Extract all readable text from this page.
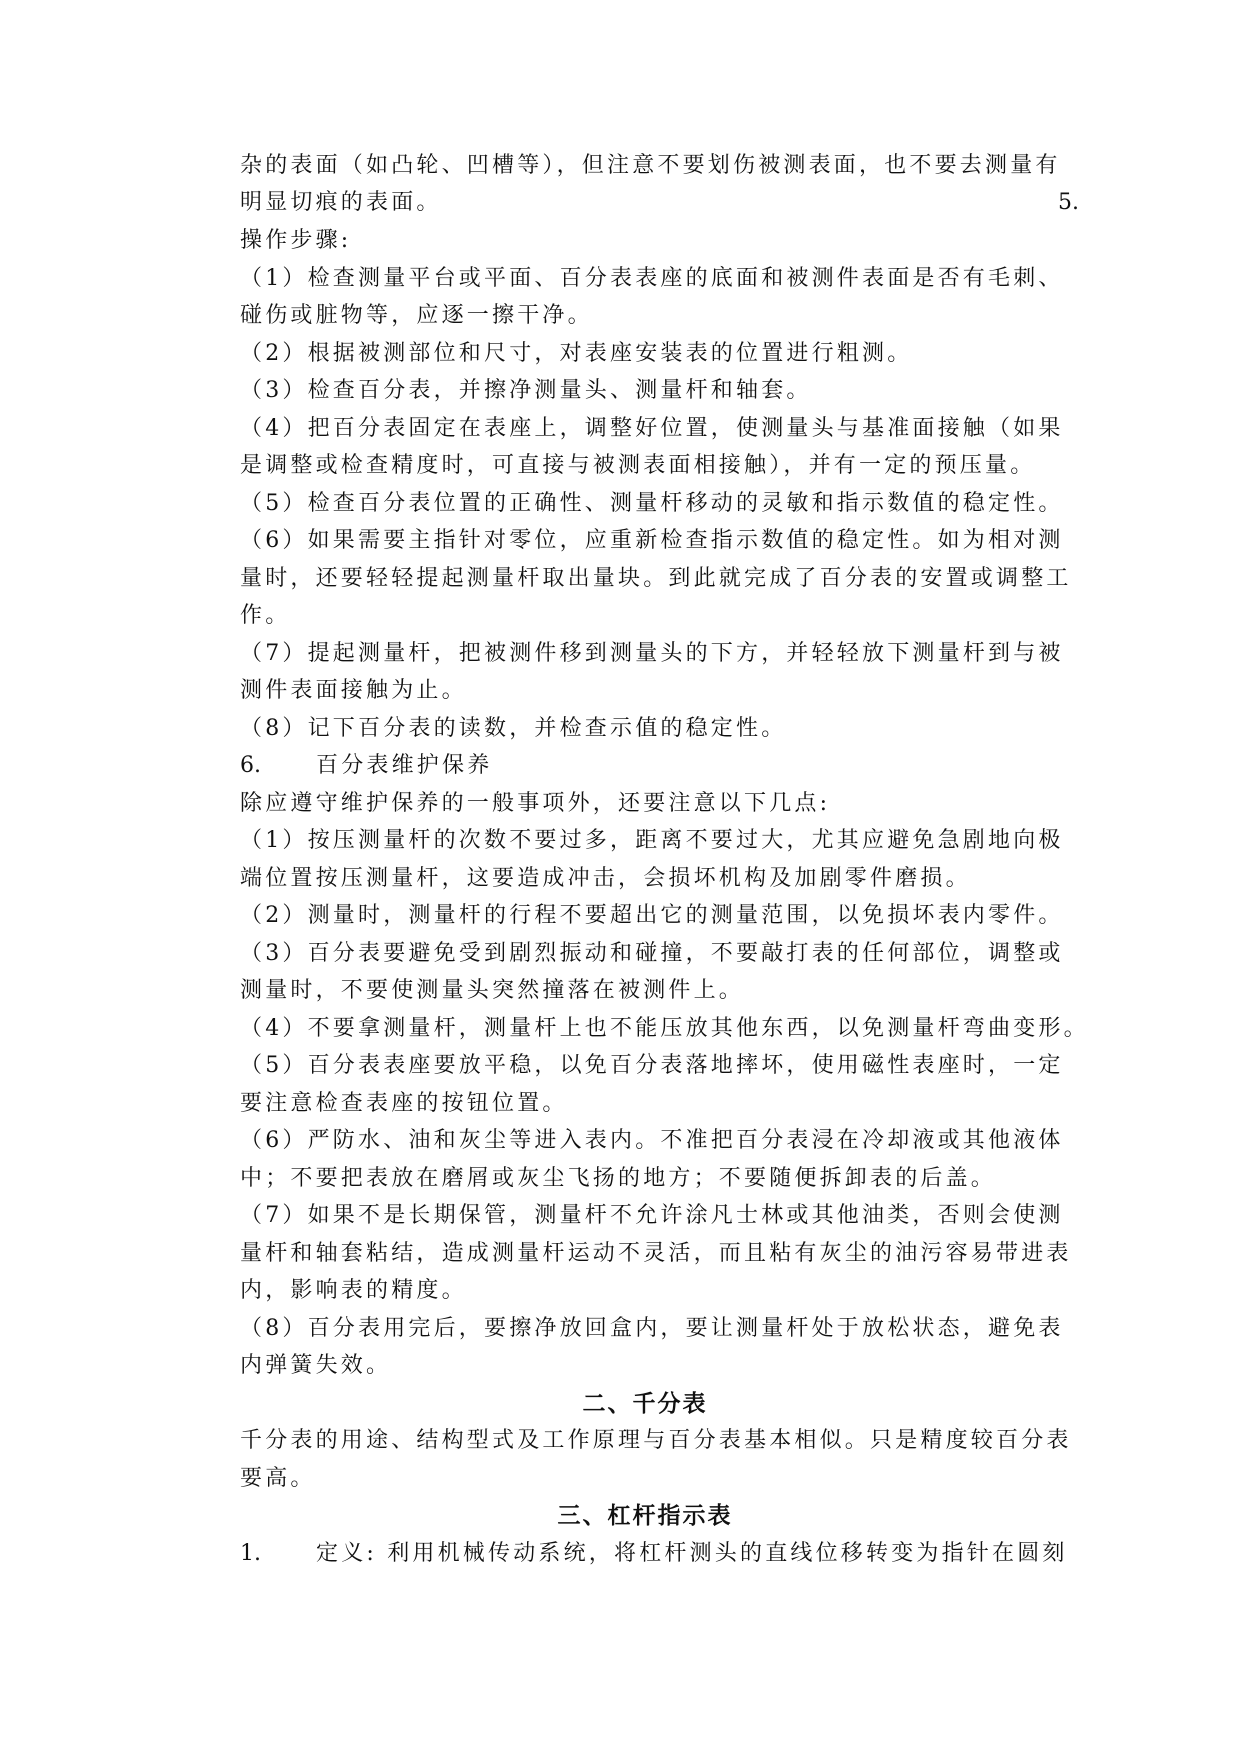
杂的表面（如凸轮、凹槽等），但注意不要划伤被测表面，也不要去测量有
明显切痕的表面。	5.
操作步骤:
（1）检查测量平台或平面、百分表表座的底面和被测件表面是否有毛刺、
碰伤或脏物等，应逐一擦干净。
（2）根据被测部位和尺寸，对表座安装表的位置进行粗测。
（3）检查百分表，并擦净测量头、测量杆和轴套。
（4）把百分表固定在表座上，调整好位置，使测量头与基准面接触（如果
是调整或检查精度时，可直接与被测表面相接触），并有一定的预压量。
（5）检查百分表位置的正确性、测量杆移动的灵敏和指示数值的稳定性。
（6）如果需要主指针对零位，应重新检查指示数值的稳定性。如为相对测
量时，还要轻轻提起测量杆取出量块。到此就完成了百分表的安置或调整工
作。
（7）提起测量杆，把被测件移到测量头的下方，并轻轻放下测量杆到与被
测件表面接触为止。
（8）记下百分表的读数，并检查示值的稳定性。
6.	百分表维护保养
除应遵守维护保养的一般事项外，还要注意以下几点:
（1）按压测量杆的次数不要过多，距离不要过大，尤其应避免急剧地向极
端位置按压测量杆，这要造成冲击，会损坏机构及加剧零件磨损。
（2）测量时，测量杆的行程不要超出它的测量范围，以免损坏表内零件。
（3）百分表要避免受到剧烈振动和碰撞，不要敲打表的任何部位，调整或
测量时，不要使测量头突然撞落在被测件上。
（4）不要拿测量杆，测量杆上也不能压放其他东西，以免测量杆弯曲变形。
（5）百分表表座要放平稳，以免百分表落地摔坏，使用磁性表座时，一定
要注意检查表座的按钮位置。
（6）严防水、油和灰尘等进入表内。不准把百分表浸在冷却液或其他液体
中；不要把表放在磨屑或灰尘飞扬的地方；不要随便拆卸表的后盖。
（7）如果不是长期保管，测量杆不允许涂凡士林或其他油类，否则会使测
量杆和轴套粘结，造成测量杆运动不灵活，而且粘有灰尘的油污容易带进表
内，影响表的精度。
（8）百分表用完后，要擦净放回盒内，要让测量杆处于放松状态，避免表
内弹簧失效。
二、千分表
千分表的用途、结构型式及工作原理与百分表基本相似。只是精度较百分表
要高。
三、杠杆指示表
1.	定义: 利用机械传动系统，将杠杆测头的直线位移转变为指针在圆刻
